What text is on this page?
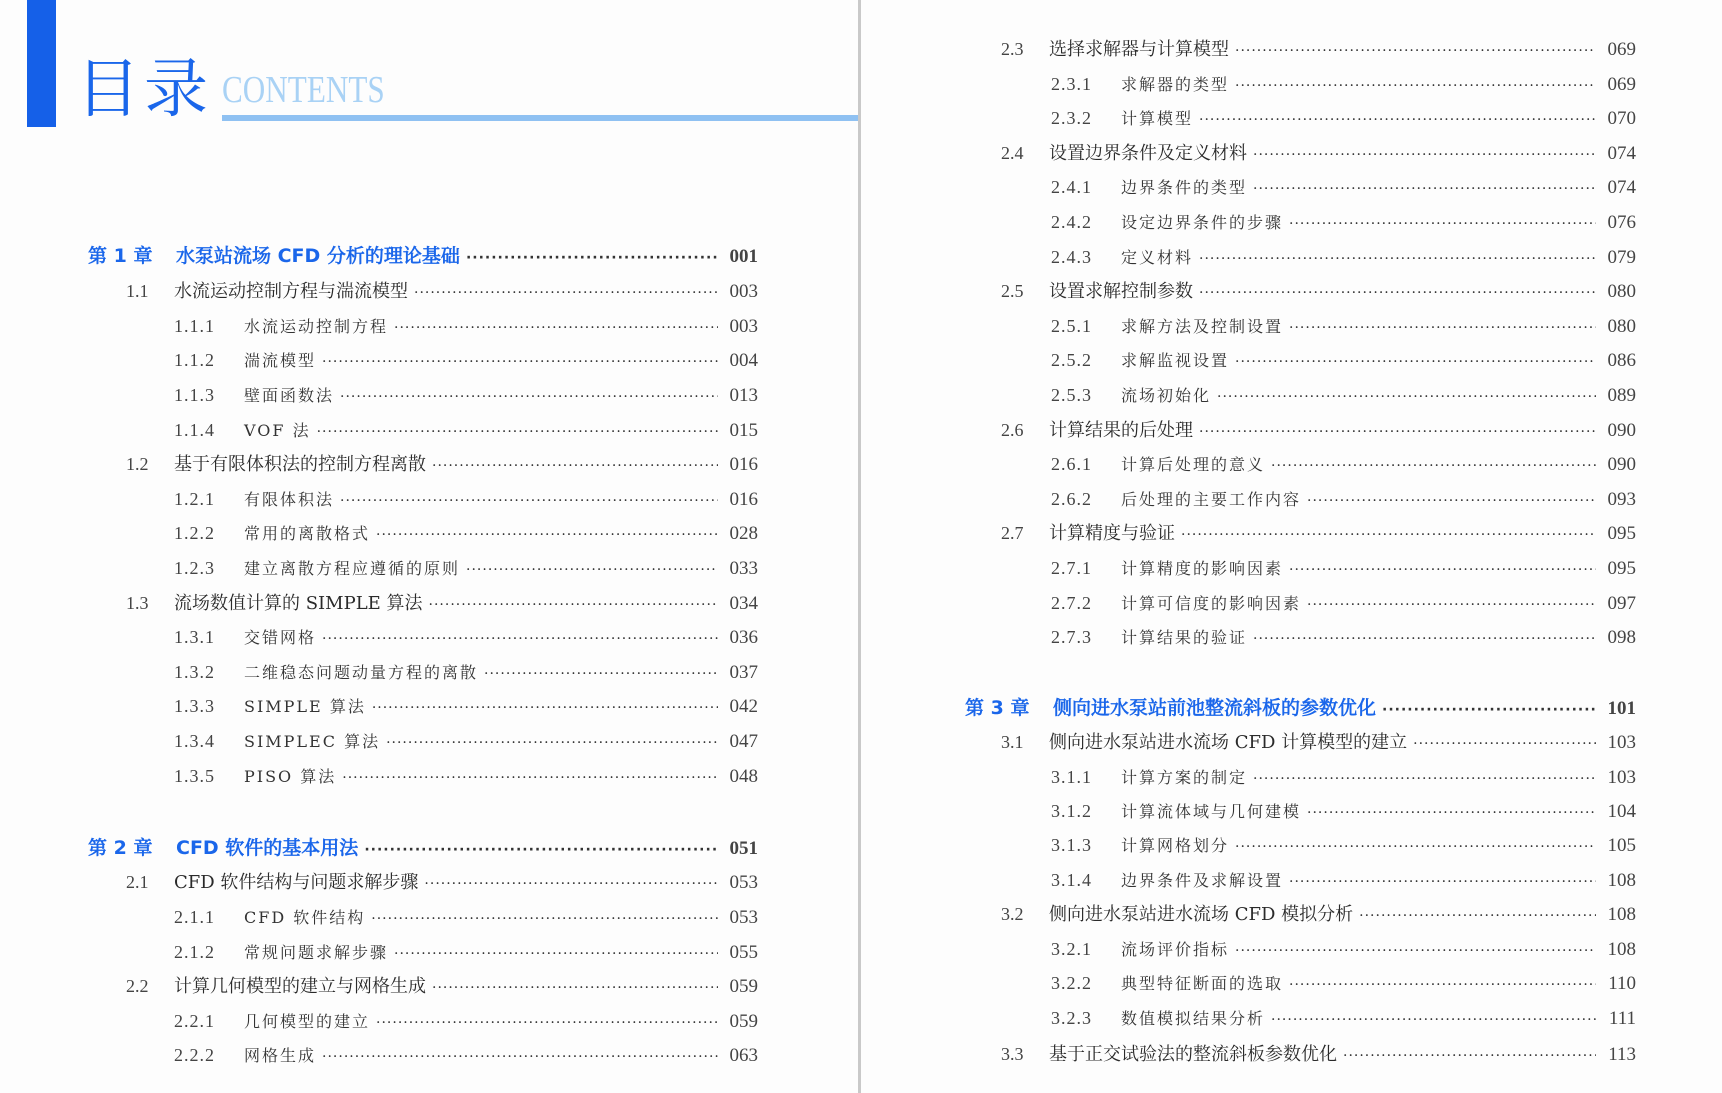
目录 CONTENTS
第 1 章	水泵站流场 CFD 分析的理论基础 ·····	001
1.1	水流运动控制方程与湍流模型 ·····	003
1.1.1	水流运动控制方程 ·····	003
1.1.2	湍流模型 ·····	004
1.1.3	壁面函数法 ·····	013
1.1.4	VOF 法 ·····	015
1.2	基于有限体积法的控制方程离散 ·····	016
1.2.1	有限体积法 ·····	016
1.2.2	常用的离散格式 ·····	028
1.2.3	建立离散方程应遵循的原则 ·····	033
1.3	流场数值计算的 SIMPLE 算法 ·····	034
1.3.1	交错网格 ·····	036
1.3.2	二维稳态问题动量方程的离散 ·····	037
1.3.3	SIMPLE 算法 ·····	042
1.3.4	SIMPLEC 算法 ·····	047
1.3.5	PISO 算法 ·····	048
第 2 章	CFD 软件的基本用法 ·····	051
2.1	CFD 软件结构与问题求解步骤 ·····	053
2.1.1	CFD 软件结构 ·····	053
2.1.2	常规问题求解步骤 ·····	055
2.2	计算几何模型的建立与网格生成 ·····	059
2.2.1	几何模型的建立 ·····	059
2.2.2	网格生成 ·····	063
2.3	选择求解器与计算模型 ·····	069
2.3.1	求解器的类型 ·····	069
2.3.2	计算模型 ·····	070
2.4	设置边界条件及定义材料 ·····	074
2.4.1	边界条件的类型 ·····	074
2.4.2	设定边界条件的步骤 ·····	076
2.4.3	定义材料 ·····	079
2.5	设置求解控制参数 ·····	080
2.5.1	求解方法及控制设置 ·····	080
2.5.2	求解监视设置 ·····	086
2.5.3	流场初始化 ·····	089
2.6	计算结果的后处理 ·····	090
2.6.1	计算后处理的意义 ·····	090
2.6.2	后处理的主要工作内容 ·····	093
2.7	计算精度与验证 ·····	095
2.7.1	计算精度的影响因素 ·····	095
2.7.2	计算可信度的影响因素 ·····	097
2.7.3	计算结果的验证 ·····	098
第 3 章	侧向进水泵站前池整流斜板的参数优化 ·····	101
3.1	侧向进水泵站进水流场 CFD 计算模型的建立 ·····	103
3.1.1	计算方案的制定 ·····	103
3.1.2	计算流体域与几何建模 ·····	104
3.1.3	计算网格划分 ·····	105
3.1.4	边界条件及求解设置 ·····	108
3.2	侧向进水泵站进水流场 CFD 模拟分析 ·····	108
3.2.1	流场评价指标 ·····	108
3.2.2	典型特征断面的选取 ·····	110
3.2.3	数值模拟结果分析 ·····	111
3.3	基于正交试验法的整流斜板参数优化 ·····	113
